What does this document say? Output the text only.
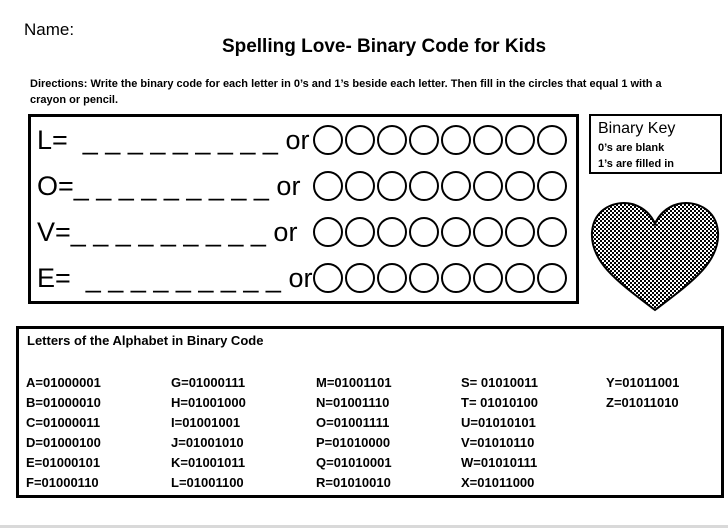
Name:
Spelling Love- Binary Code for Kids
Directions: Write the binary code for each letter in 0’s and 1’s beside each letter. Then fill in the circles that equal 1 with a crayon or pencil.
L=  _ _ _ _ _ _ _ _ _ or
O=_ _ _ _ _ _ _ _ _ or
V=_ _ _ _ _ _ _ _ _ or
E=  _ _ _ _ _ _ _ _ _ or
Binary Key
0’s are blank
1’s are filled in
Letters of the Alphabet in Binary Code
A=01000001
B=01000010
C=01000011
D=01000100
E=01000101
F=01000110
G=01000111
H=01001000
I=01001001
J=01001010
K=01001011
L=01001100
M=01001101
N=01001110
O=01001111
P=01010000
Q=01010001
R=01010010
S= 01010011
T= 01010100
U=01010101
V=01010110
W=01010111
X=01011000
Y=01011001
Z=01011010
